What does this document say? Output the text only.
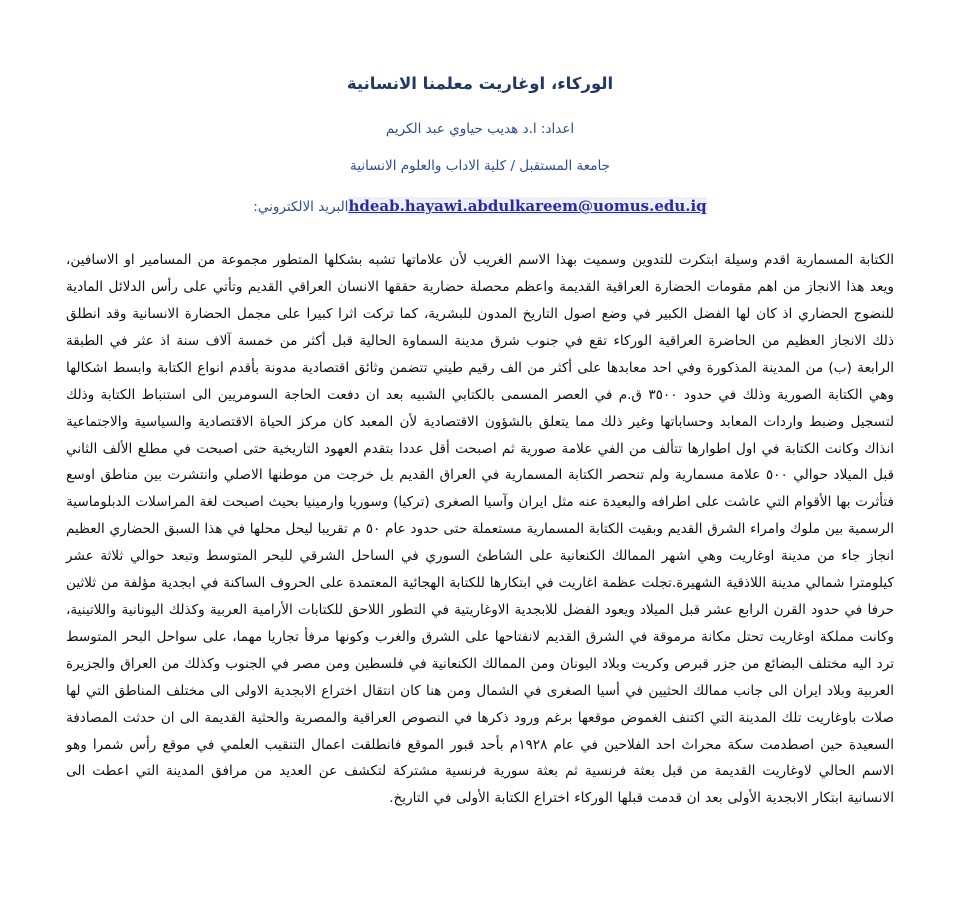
الوركاء، اوغاريت معلمنا الانسانية

اعداد: ا.د هديب حياوي عبد الكريم

جامعة المستقبل / كلية الاداب والعلوم الانسانية

hdeab.hayawi.abdulkareem@uomus.edu.iqالبريد الالكتروني:

الكتابة المسمارية اقدم وسيلة ابتكرت للتدوين وسميت بهذا الاسم الغريب لأن علاماتها تشبه بشكلها المتطور مجموعة من المسامير او الاسافين، ويعد هذا الانجاز من اهم مقومات الحضارة العراقية القديمة واعظم محصلة حضارية حققها الانسان العراقي القديم وتأتي على رأس الدلائل المادية للنضوج الحضاري اذ كان لها الفضل الكبير في وضع اصول التاريخ المدون للبشرية، كما تركت اثرا كبيرا على مجمل الحضارة الانسانية وقد انطلق ذلك الانجاز العظيم من الحاضرة العراقية الوركاء تقع في جنوب شرق مدينة السماوة الحالية قبل أكثر من خمسة آلاف سنة اذ عثر في الطبقة الرابعة (ب) من المدينة المذكورة وفي احد معابدها على أكثر من الف رقيم طيني تتضمن وثائق اقتصادية مدونة بأقدم انواع الكتابة وابسط اشكالها وهي الكتابة الصورية وذلك في حدود ٣٥٠٠ ق.م في العصر المسمى بالكتابي الشبيه بعد ان دفعت الحاجة السومريين الى استنباط الكتابة وذلك لتسجيل وضبط واردات المعابد وحساباتها وغير ذلك مما يتعلق بالشؤون الاقتصادية لأن المعبد كان مركز الحياة الاقتصادية والسياسية والاجتماعية انذاك وكانت الكتابة في اول اطوارها تتألف من الفي علامة صورية ثم اصبحت أقل عددا بتقدم العهود التاريخية حتى اصبحت في مطلع الألف الثاني قبل الميلاد حوالي ٥٠٠ علامة مسمارية ولم تنحصر الكتابة المسمارية في العراق القديم بل خرجت من موطنها الاصلي وانتشرت بين مناطق اوسع فتأثرت بها الأقوام التي عاشت على اطرافه والبعيدة عنه مثل ايران وآسيا الصغرى (تركيا) وسوريا وارمينيا بحيث اصبحت لغة المراسلات الدبلوماسية الرسمية بين ملوك وامراء الشرق القديم وبقيت الكتابة المسمارية مستعملة حتى حدود عام ٥٠ م تقريبا ليحل محلها في هذا السبق الحضاري العظيم انجاز جاء من مدينة اوغاريت وهي اشهر الممالك الكنعانية على الشاطئ السوري في الساحل الشرقي للبحر المتوسط وتبعد حوالي ثلاثة عشر كيلومترا شمالي مدينة اللاذقية الشهيرة.تجلت عظمة اغاريت في ابتكارها للكتابة الهجائية المعتمدة على الحروف الساكنة في ابجدية مؤلفة من ثلاثين حرفا في حدود القرن الرابع عشر قبل الميلاد ويعود الفضل للابجدية الاوغاريتية في التطور اللاحق للكتابات الأرامية العربية وكذلك اليونانية واللاتينية، وكانت مملكة اوغاريت تحتل مكانة مرموقة في الشرق القديم لانفتاحها على الشرق والغرب وكونها مرفأ تجاريا مهما، على سواحل البحر المتوسط ترد اليه مختلف البضائع من جزر قبرص وكريت وبلاد اليونان ومن الممالك الكنعانية في فلسطين ومن مصر في الجنوب وكذلك من العراق والجزيرة العربية وبلاد ايران الى جانب ممالك الحثيين في أسيا الصغرى في الشمال ومن هنا كان انتقال اختراع الابجدية الاولى الى مختلف المناطق التي لها صلات باوغاريت تلك المدينة التي اكتنف الغموض موقعها برغم ورود ذكرها في النصوص العراقية والمصرية والحثية القديمة الى ان حدثت المصادفة السعيدة حين اصطدمت سكة محراث احد الفلاحين في عام ١٩٢٨م بأحد قبور الموقع فانطلقت اعمال التنقيب العلمي في موقع رأس شمرا وهو الاسم الحالي لاوغاريت القديمة من قبل بعثة فرنسية ثم بعثة سورية فرنسية مشتركة لتكشف عن العديد من مرافق المدينة التي اعطت الى الانسانية ابتكار الابجدية الأولى بعد ان قدمت قبلها الوركاء اختراع الكتابة الأولى في التاريخ.
